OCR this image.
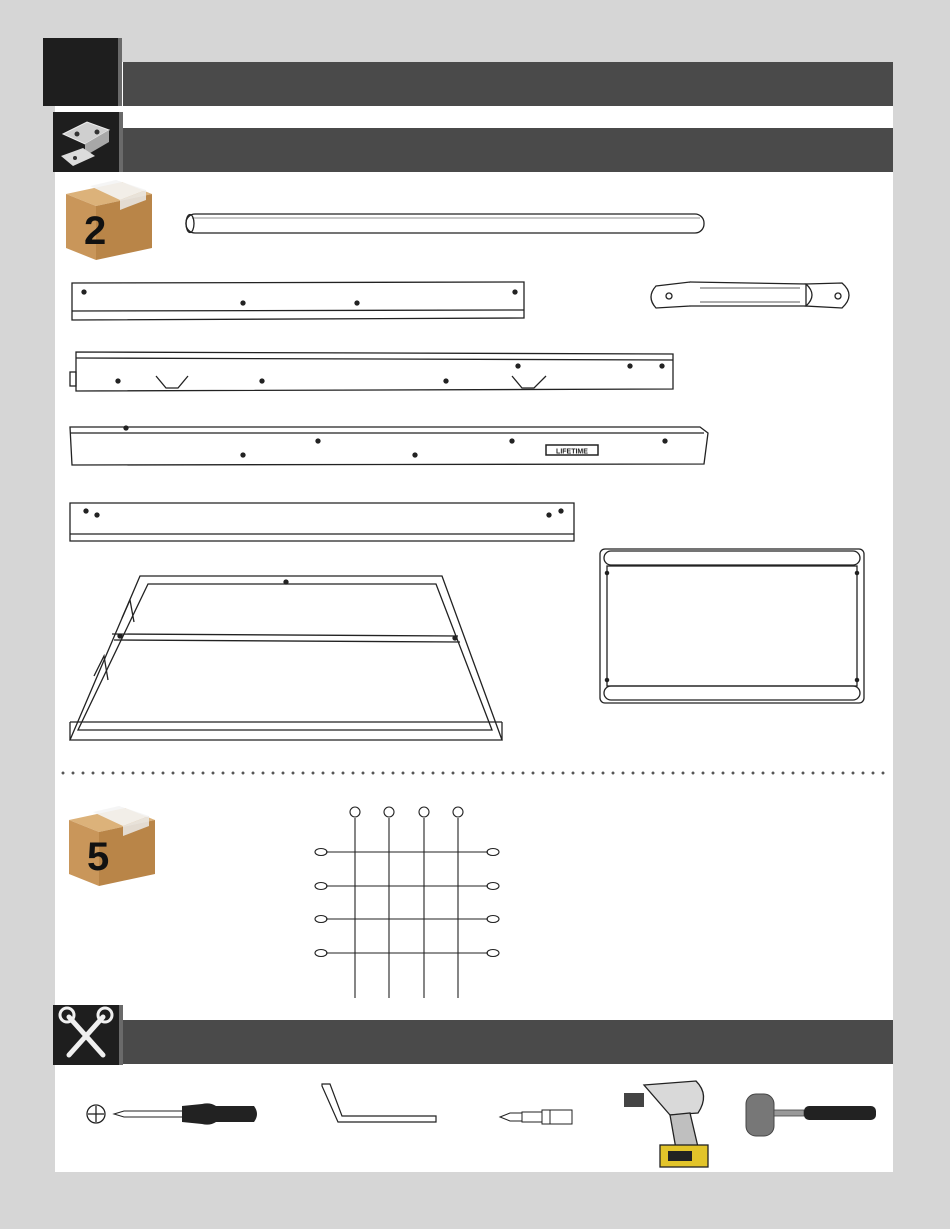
2
5
LIFETIME
